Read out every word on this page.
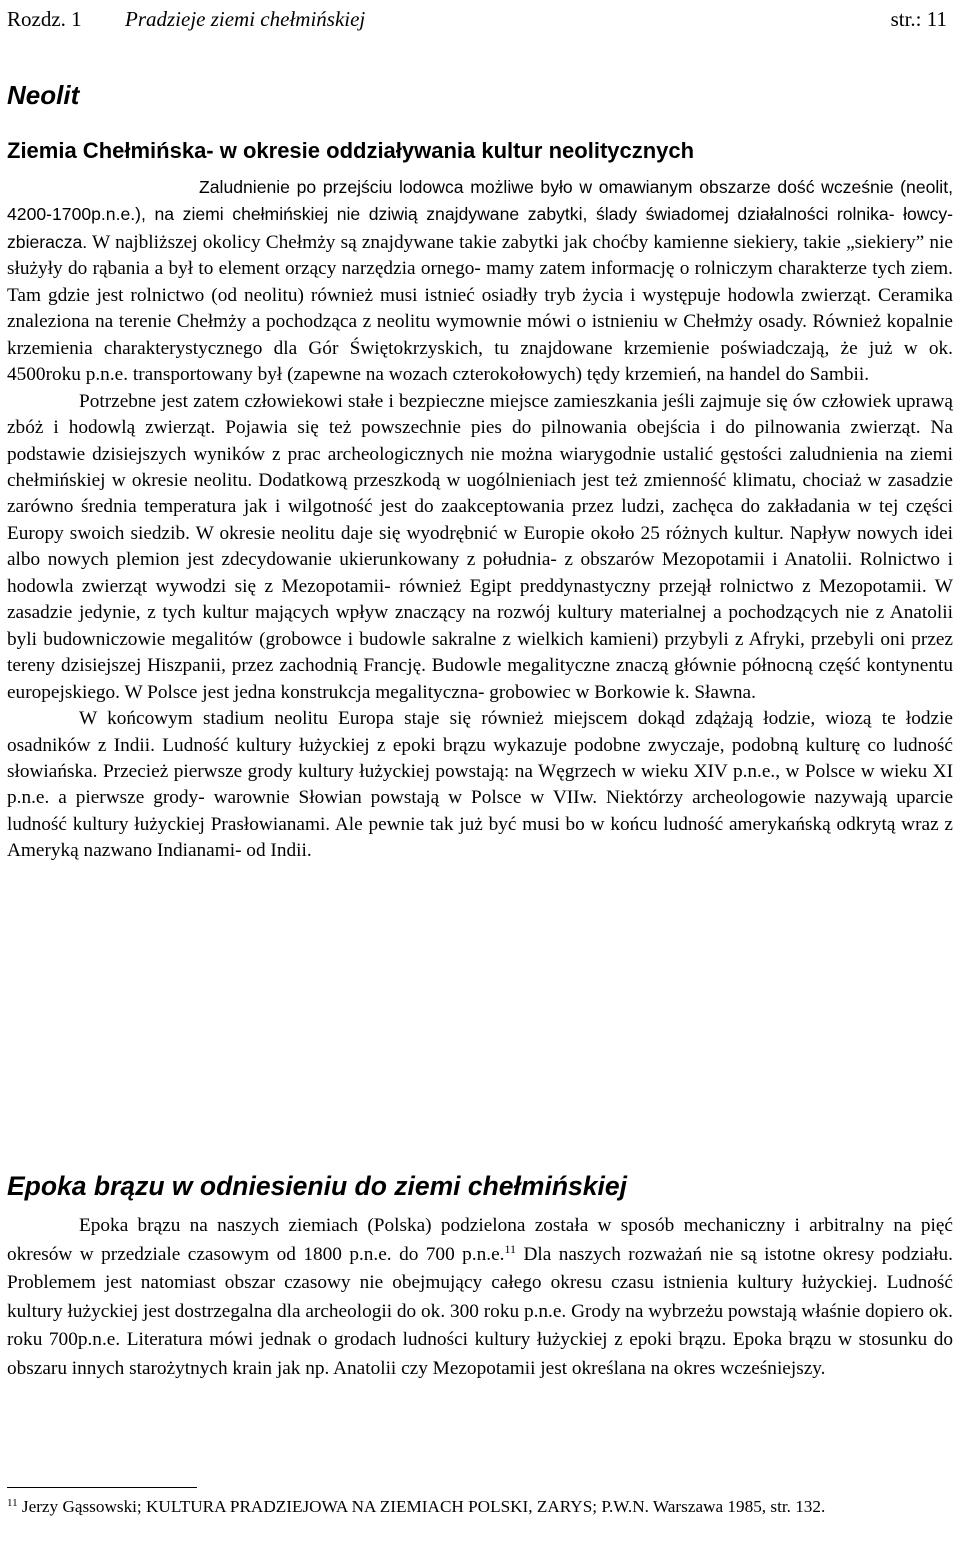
Rozdz. 1 Pradzieje ziemi chełmińskiej	str.: 11
Neolit
Ziemia Chełmińska- w okresie oddziaływania kultur neolitycznych

Zaludnienie po przejściu lodowca możliwe było w omawianym obszarze dość wcześnie (neolit, 4200-1700p.n.e.), na ziemi chełmińskiej nie dziwią znajdywane zabytki, ślady świadomej działalności rolnika- łowcy- zbieracza. W najbliższej okolicy Chełmży są znajdywane takie zabytki jak choćby kamienne siekiery, takie „siekiery” nie służyły do rąbania a był to element orzący narzędzia ornego- mamy zatem informację o rolniczym charakterze tych ziem. Tam gdzie jest rolnictwo (od neolitu) również musi istnieć osiadły tryb życia i występuje hodowla zwierząt. Ceramika znaleziona na terenie Chełmży a pochodząca z neolitu wymownie mówi o istnieniu w Chełmży osady. Również kopalnie krzemienia charakterystycznego dla Gór Świętokrzyskich, tu znajdowane krzemienie poświadczają, że już w ok. 4500roku p.n.e. transportowany był (zapewne na wozach czterokołowych) tędy krzemień, na handel do Sambii.

Potrzebne jest zatem człowiekowi stałe i bezpieczne miejsce zamieszkania jeśli zajmuje się ów człowiek uprawą zbóż i hodowlą zwierząt. Pojawia się też powszechnie pies do pilnowania obejścia i do pilnowania zwierząt. Na podstawie dzisiejszych wyników z prac archeologicznych nie można wiarygodnie ustalić gęstości zaludnienia na ziemi chełmińskiej w okresie neolitu. Dodatkową przeszkodą w uogólnieniach jest też zmienność klimatu, chociaż w zasadzie zarówno średnia temperatura jak i wilgotność jest do zaakceptowania przez ludzi, zachęca do zakładania w tej części Europy swoich siedzib. W okresie neolitu daje się wyodrębnić w Europie około 25 różnych kultur. Napływ nowych idei albo nowych plemion jest zdecydowanie ukierunkowany z południa- z obszarów Mezopotamii i Anatolii. Rolnictwo i hodowla zwierząt wywodzi się z Mezopotamii- również Egipt preddynastyczny przejął rolnictwo z Mezopotamii. W zasadzie jedynie, z tych kultur mających wpływ znaczący na rozwój kultury materialnej a pochodzących nie z Anatolii byli budowniczowie megalitów (grobowce i budowle sakralne z wielkich kamieni) przybyli z Afryki, przebyli oni przez tereny dzisiejszej Hiszpanii, przez zachodnią Francję. Budowle megalityczne znaczą głównie północną część kontynentu europejskiego. W Polsce jest jedna konstrukcja megalityczna- grobowiec w Borkowie k. Sławna.

W końcowym stadium neolitu Europa staje się również miejscem dokąd zdążają łodzie, wiozą te łodzie osadników z Indii. Ludność kultury łużyckiej z epoki brązu wykazuje podobne zwyczaje, podobną kulturę co ludność słowiańska. Przecież pierwsze grody kultury łużyckiej powstają: na Węgrzech w wieku XIV p.n.e., w Polsce w wieku XI p.n.e. a pierwsze grody- warownie Słowian powstają w Polsce w VIIw. Niektórzy archeologowie nazywają uparcie ludność kultury łużyckiej Prasłowianami. Ale pewnie tak już być musi bo w końcu ludność amerykańską odkrytą wraz z Ameryką nazwano Indianami- od Indii.

Epoka brązu w odniesieniu do ziemi chełmińskiej

Epoka brązu na naszych ziemiach (Polska) podzielona została w sposób mechaniczny i arbitralny na pięć okresów w przedziale czasowym od 1800 p.n.e. do 700 p.n.e.$^{11}$ Dla naszych rozważań nie są istotne okresy podziału. Problemem jest natomiast obszar czasowy nie obejmujący całego okresu czasu istnienia kultury łużyckiej. Ludność kultury łużyckiej jest dostrzegalna dla archeologii do ok. 300 roku p.n.e. Grody na wybrzeżu powstają właśnie dopiero ok. roku 700p.n.e. Literatura mówi jednak o grodach ludności kultury łużyckiej z epoki brązu. Epoka brązu w stosunku do obszaru innych starożytnych krain jak np. Anatolii czy Mezopotamii jest określana na okres wcześniejszy.

$^{11}$ Jerzy Gąssowski; KULTURA PRADZIEJOWA NA ZIEMIACH POLSKI, ZARYS; P.W.N. Warszawa 1985, str. 132.
